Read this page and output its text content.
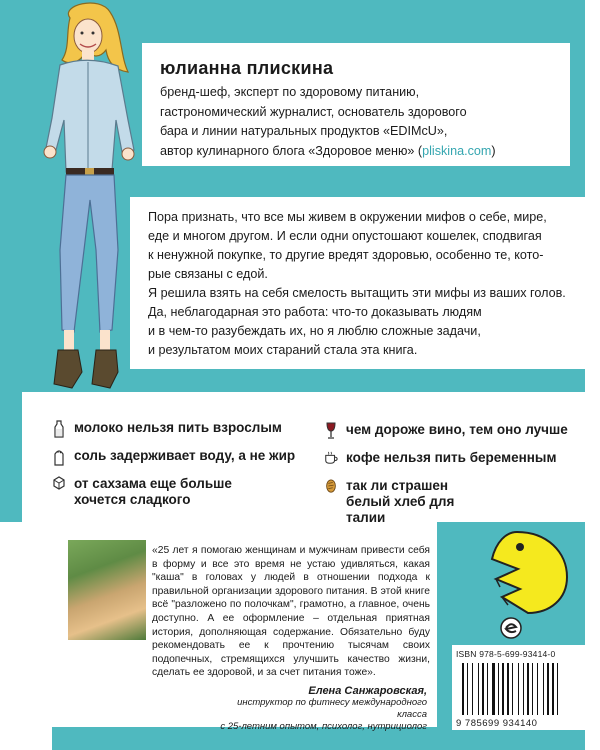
юлианна плискина
бренд-шеф, эксперт по здоровому питанию,
гастрономический журналист, основатель здорового
бара и линии натуральных продуктов «EDIMcU»,
автор кулинарного блога «Здоровое меню» (pliskina.com)

Пора признать, что все мы живем в окружении мифов о себе, мире,
еде и многом другом. И если одни опустошают кошелек, сподвигая
к ненужной покупке, то другие вредят здоровью, особенно те, кото-
рые связаны с едой.

Я решила взять на себя смелость вытащить эти мифы из ваших голов.
Да, неблагодарная это работа: что-то доказывать людям
и в чем-то разубеждать их, но я люблю сложные задачи,
и результатом моих стараний стала эта книга.

молоко нельзя пить взрослым
соль задерживает воду, а не жир
от сахзама еще больше хочется сладкого
чем дороже вино, тем оно лучше
кофе нельзя пить беременным
так ли страшен белый хлеб для талии
«25 лет я помогаю женщинам и мужчинам привести себя в форму и все это время не устаю удивляться, какая "каша" в головах у людей в отношении подхода к правильной организации здорового питания. В этой книге всё "разложено по полочкам", грамотно, а главное, очень доступно. А ее оформление – отдельная приятная история, дополняющая содержание. Обязательно буду рекомендовать ее к прочтению тысячам своих подопечных, стремящихся улучшить качество жизни, сделать ее здоровой, и за счет питания тоже».
Елена Санжаровская,
инструктор по фитнесу международного класса
с 25-летним опытом, психолог, нутрициолог
ISBN 978-5-699-93414-0
9 785699 934140
